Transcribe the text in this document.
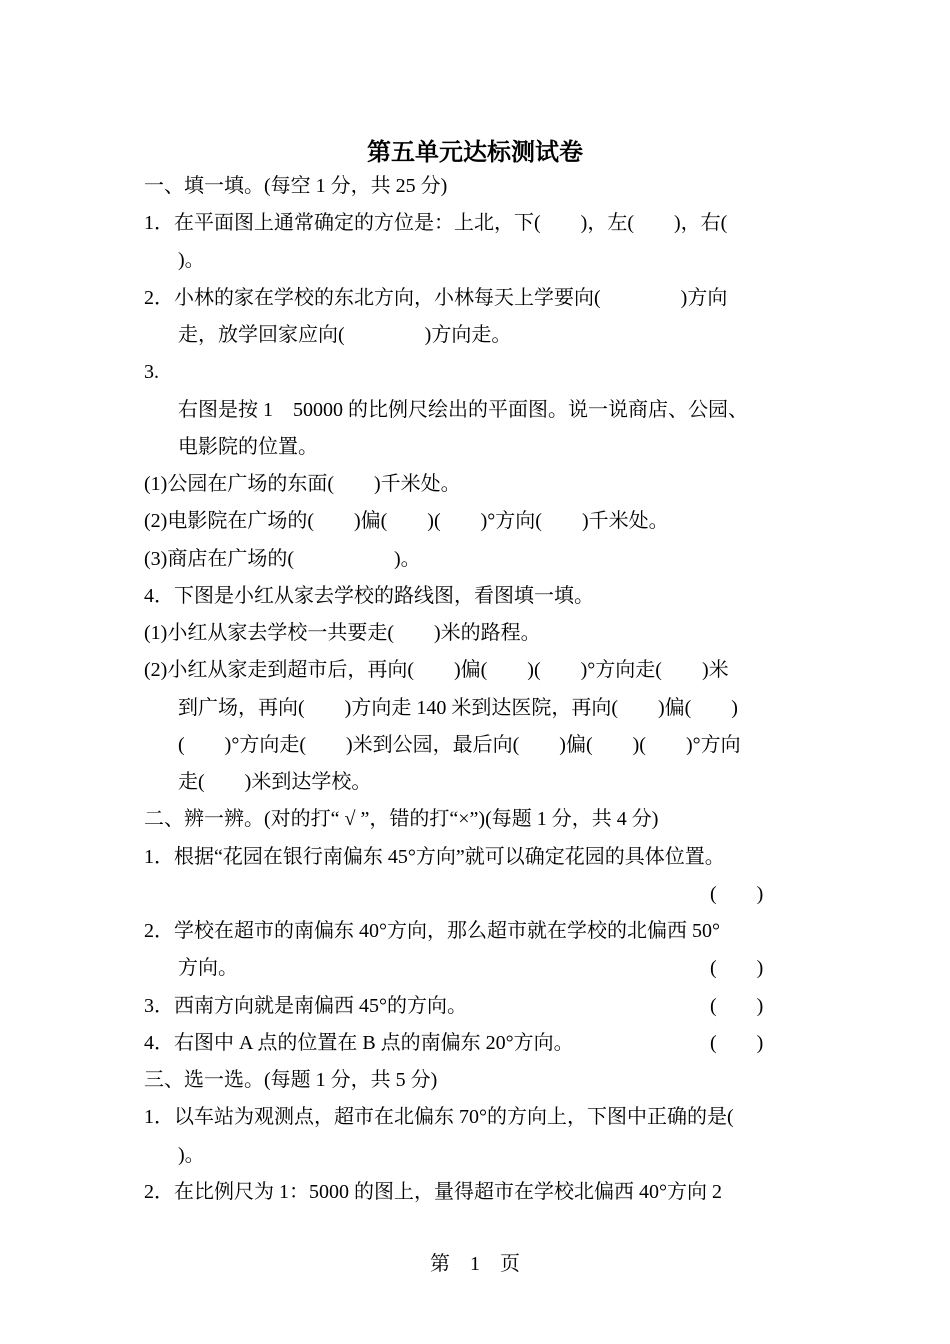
第五单元达标测试卷
一、填一填。(每空 1 分，共 25 分)
1．在平面图上通常确定的方位是：上北，下(　　)，左(　　)，右(
)。
2．小林的家在学校的东北方向，小林每天上学要向(　　　　)方向
走，放学回家应向(　　　　)方向走。
3.
右图是按 1　50000 的比例尺绘出的平面图。说一说商店、公园、
电影院的位置。
(1)公园在广场的东面(　　)千米处。
(2)电影院在广场的(　　)偏(　　)(　　)°方向(　　)千米处。
(3)商店在广场的(　　　　　)。
4．下图是小红从家去学校的路线图，看图填一填。
(1)小红从家去学校一共要走(　　)米的路程。
(2)小红从家走到超市后，再向(　　)偏(　　)(　　)°方向走(　　)米
到广场，再向(　　)方向走 140 米到达医院，再向(　　)偏(　　)
(　　)°方向走(　　)米到公园，最后向(　　)偏(　　)(　　)°方向
走(　　)米到达学校。
二、辨一辨。(对的打“ √ ”，错的打“×”)(每题 1 分，共 4 分)
1．根据“花园在银行南偏东 45°方向”就可以确定花园的具体位置。
(　　)
2．学校在超市的南偏东 40°方向，那么超市就在学校的北偏西 50°
方向。	(　　)
3．西南方向就是南偏西 45°的方向。	(　　)
4．右图中 A 点的位置在 B 点的南偏东 20°方向。	(　　)
三、选一选。(每题 1 分，共 5 分)
1．以车站为观测点，超市在北偏东 70°的方向上，下图中正确的是(
)。
2．在比例尺为 1：5000 的图上，量得超市在学校北偏西 40°方向 2
第　1　页
